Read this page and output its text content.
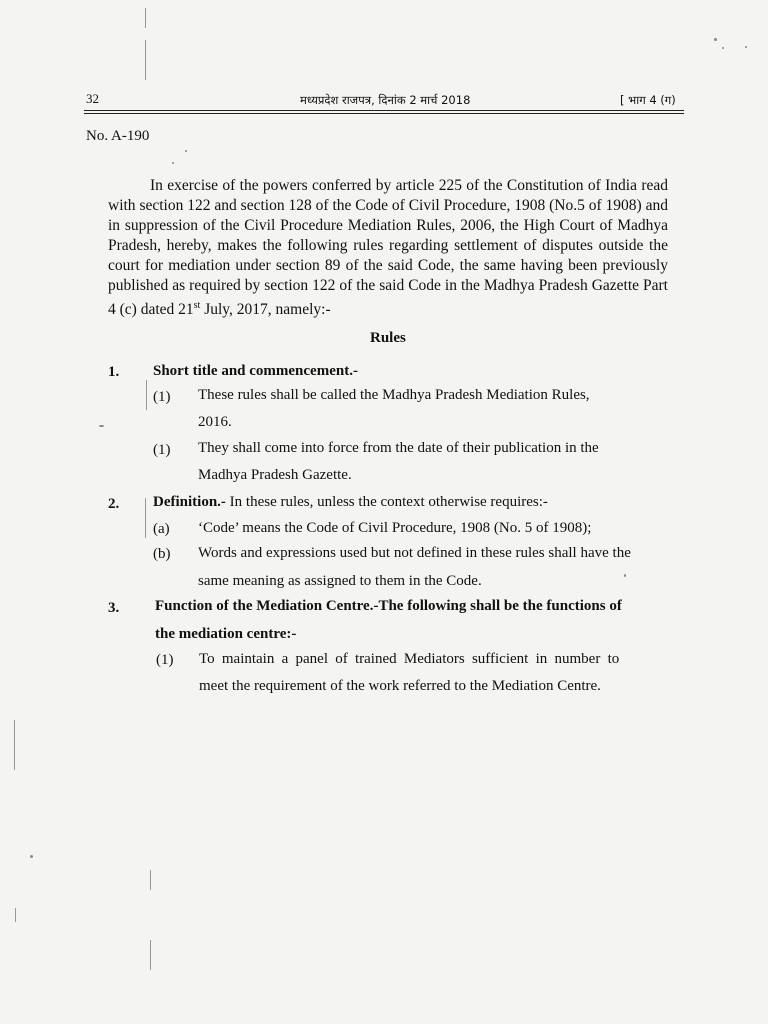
32	मध्यप्रदेश राजपत्र, दिनांक 2 मार्च 2018	[ भाग 4 (ग)
No. A-190
In exercise of the powers conferred by article 225 of the Constitution of India read with section 122 and section 128 of the Code of Civil Procedure, 1908 (No.5 of 1908) and in suppression of the Civil Procedure Mediation Rules, 2006, the High Court of Madhya Pradesh, hereby, makes the following rules regarding settlement of disputes outside the court for mediation under section 89 of the said Code, the same having been previously published as required by section 122 of the said Code in the Madhya Pradesh Gazette Part 4 (c) dated 21st July, 2017, namely:-
Rules
1. Short title and commencement.-
(1) These rules shall be called the Madhya Pradesh Mediation Rules,
2016.
(1) They shall come into force from the date of their publication in the
Madhya Pradesh Gazette.
2. Definition.- In these rules, unless the context otherwise requires:-
(a) ‘Code’ means the Code of Civil Procedure, 1908 (No. 5 of 1908);
(b) Words and expressions used but not defined in these rules shall have the
same meaning as assigned to them in the Code.
3. Function of the Mediation Centre.-The following shall be the functions of
the mediation centre:-
(1) To maintain a panel of trained Mediators sufficient in number to
meet the requirement of the work referred to the Mediation Centre.
